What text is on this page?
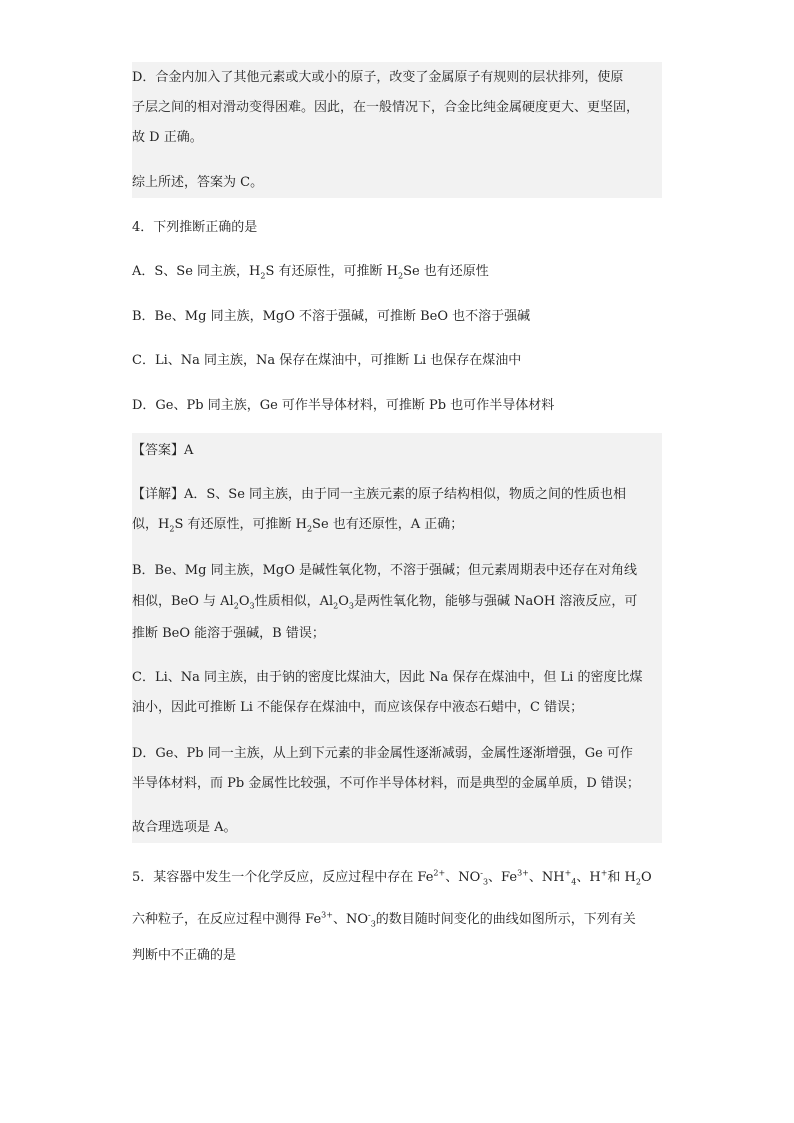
D．合金内加入了其他元素或大或小的原子，改变了金属原子有规则的层状排列，使原
子层之间的相对滑动变得困难。因此，在一般情况下，合金比纯金属硬度更大、更坚固，
故 D 正确。
综上所述，答案为 C。
4．下列推断正确的是
A．S、Se 同主族，$H_2S$ 有还原性，可推断 $H_2Se$ 也有还原性
B．Be、Mg 同主族，MgO 不溶于强碱，可推断 BeO 也不溶于强碱
C．Li、Na 同主族，Na 保存在煤油中，可推断 Li 也保存在煤油中
D．Ge、Pb 同主族，Ge 可作半导体材料，可推断 Pb 也可作半导体材料
【答案】A
【详解】A．S、Se 同主族，由于同一主族元素的原子结构相似，物质之间的性质也相
似，$H_2S$ 有还原性，可推断 $H_2Se$ 也有还原性，A 正确；
B．Be、Mg 同主族，MgO 是碱性氧化物，不溶于强碱；但元素周期表中还存在对角线
相似，BeO 与 $Al_2O_3$性质相似，$Al_2O_3$是两性氧化物，能够与强碱 NaOH 溶液反应，可
推断 BeO 能溶于强碱，B 错误；
C．Li、Na 同主族，由于钠的密度比煤油大，因此 Na 保存在煤油中，但 Li 的密度比煤
油小，因此可推断 Li 不能保存在煤油中，而应该保存中液态石蜡中，C 错误；
D．Ge、Pb 同一主族，从上到下元素的非金属性逐渐减弱，金属性逐渐增强，Ge 可作
半导体材料，而 Pb 金属性比较强，不可作半导体材料，而是典型的金属单质，D 错误；
故合理选项是 A。
5．某容器中发生一个化学反应，反应过程中存在 $Fe^{2+}$、$NO^-_3$、$Fe^{3+}$、$NH^+_4$、H+和 $H_2O$
六种粒子，在反应过程中测得 $Fe^{3+}$、$NO^-_3$的数目随时间变化的曲线如图所示，下列有关
判断中不正确的是
